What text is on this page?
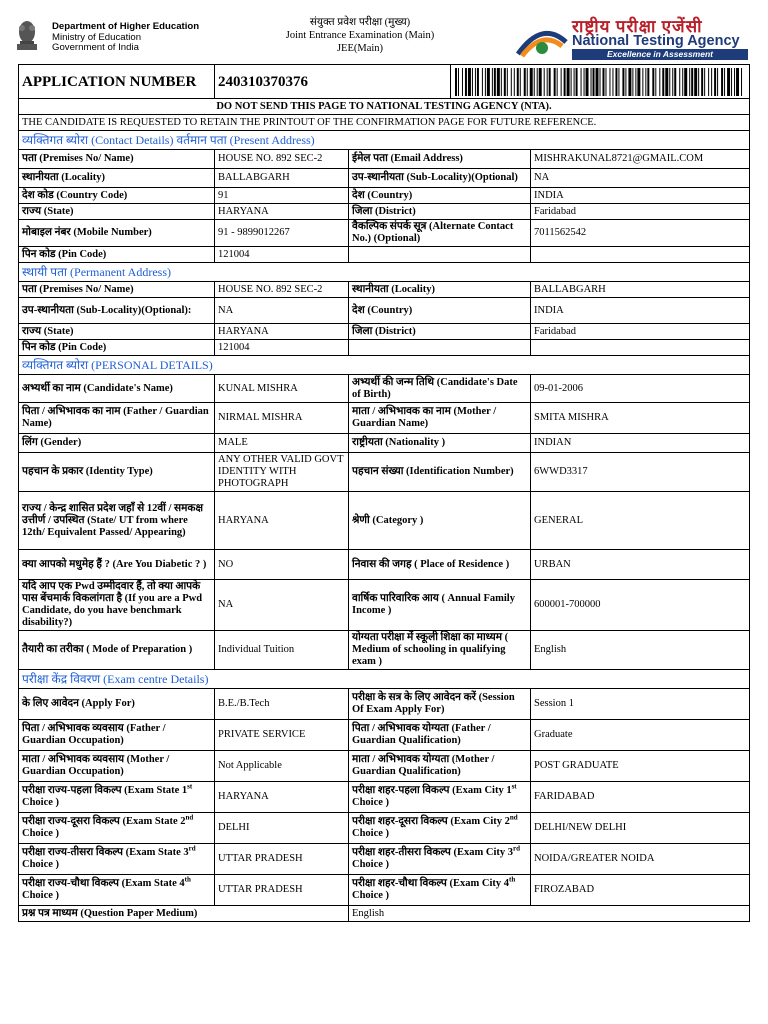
Department of Higher Education
Ministry of Education
Government of India
संयुक्त प्रवेश परीक्षा (मुख्य)
Joint Entrance Examination (Main)
JEE(Main)
राष्ट्रीय परीक्षा एजेंसी
National Testing Agency
Excellence in Assessment
APPLICATION NUMBER	240310370376	
DO NOT SEND THIS PAGE TO NATIONAL TESTING AGENCY (NTA).			
THE CANDIDATE IS REQUESTED TO RETAIN THE PRINTOUT OF THE CONFIRMATION PAGE FOR FUTURE REFERENCE.			
व्यक्तिगत ब्योरा (Contact Details) वर्तमान पता (Present Address)			
पता (Premises No/ Name)	HOUSE NO. 892 SEC-2	ईमेल पता (Email Address)	MISHRAKUNAL8721@GMAIL.COM
स्थानीयता (Locality)	BALLABGARH	उप-स्थानीयता (Sub-Locality)(Optional)	NA
देश कोड (Country Code)	91	देश (Country)	INDIA
राज्य (State)	HARYANA	जिला (District)	Faridabad
मोबाइल नंबर (Mobile Number)	91 - 9899012267	वैकल्पिक संपर्क सूत्र (Alternate Contact No.) (Optional)	7011562542
पिन कोड (Pin Code)	121004		
स्थायी पता (Permanent Address)			
पता (Premises No/ Name)	HOUSE NO. 892 SEC-2	स्थानीयता (Locality)	BALLABGARH
उप-स्थानीयता (Sub-Locality)(Optional):	NA	देश (Country)	INDIA
राज्य (State)	HARYANA	जिला (District)	Faridabad
पिन कोड (Pin Code)	121004		
व्यक्तिगत ब्योरा (PERSONAL DETAILS)			
अभ्यर्थी का नाम (Candidate's Name)	KUNAL MISHRA	अभ्यर्थी की जन्म तिथि (Candidate's Date of Birth)	09-01-2006
पिता / अभिभावक का नाम (Father / Guardian Name)	NIRMAL MISHRA	माता / अभिभावक का नाम (Mother / Guardian Name)	SMITA MISHRA
लिंग (Gender)	MALE	राष्ट्रीयता (Nationality )	INDIAN
पहचान के प्रकार (Identity Type)	ANY OTHER VALID GOVT IDENTITY WITH PHOTOGRAPH	पहचान संख्या (Identification Number)	6WWD3317
राज्य / केन्द्र शासित प्रदेश जहाँ से 12वीं / समकक्ष उत्तीर्ण / उपस्थित (State/ UT from where 12th/ Equivalent Passed/ Appearing)	HARYANA	श्रेणी (Category )	GENERAL
क्या आपको मधुमेह हैं ? (Are You Diabetic ? )	NO	निवास की जगह ( Place of Residence )	URBAN
यदि आप एक Pwd उम्मीदवार हैं, तो क्या आपके पास बेंचमार्क विकलांगता है (If you are a Pwd Candidate, do you have benchmark disability?)	NA	वार्षिक पारिवारिक आय ( Annual Family Income )	600001-700000
तैयारी का तरीका ( Mode of Preparation )	Individual Tuition	योग्यता परीक्षा में स्कूली शिक्षा का माध्यम ( Medium of schooling in qualifying exam )	English
परीक्षा केंद्र विवरण (Exam centre Details)			
के लिए आवेदन (Apply For)	B.E./B.Tech	परीक्षा के सत्र के लिए आवेदन करें (Session Of Exam Apply For)	Session 1
पिता / अभिभावक व्यवसाय (Father / Guardian Occupation)	PRIVATE SERVICE	पिता / अभिभावक योग्यता (Father / Guardian Qualification)	Graduate
माता / अभिभावक व्यवसाय (Mother / Guardian Occupation)	Not Applicable	माता / अभिभावक योग्यता (Mother / Guardian Qualification)	POST GRADUATE
परीक्षा राज्य-पहला विकल्प (Exam State 1st Choice )	HARYANA	परीक्षा शहर-पहला विकल्प (Exam City 1st Choice )	FARIDABAD
परीक्षा राज्य-दूसरा विकल्प (Exam State 2nd Choice )	DELHI	परीक्षा शहर-दूसरा विकल्प (Exam City 2nd Choice )	DELHI/NEW DELHI
परीक्षा राज्य-तीसरा विकल्प (Exam State 3rd Choice )	UTTAR PRADESH	परीक्षा शहर-तीसरा विकल्प (Exam City 3rd Choice )	NOIDA/GREATER NOIDA
परीक्षा राज्य-चौथा विकल्प (Exam State 4th Choice )	UTTAR PRADESH	परीक्षा शहर-चौथा विकल्प (Exam City 4th Choice )	FIROZABAD
प्रश्न पत्र माध्यम (Question Paper Medium)		English	
